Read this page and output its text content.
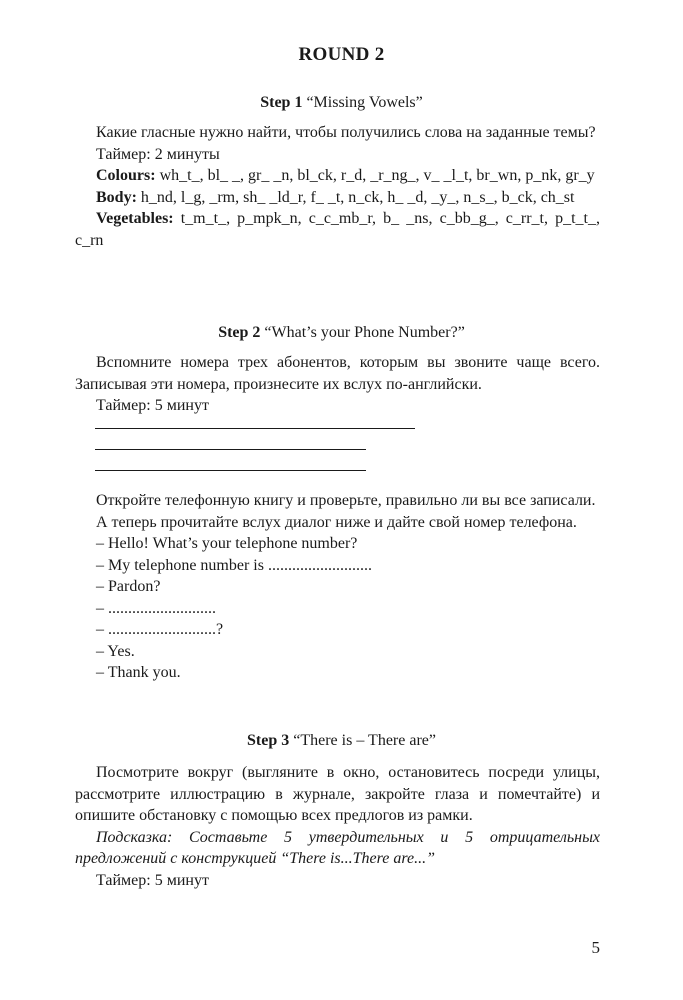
ROUND 2
Step 1 “Missing Vowels”
Какие гласные нужно найти, чтобы получились слова на заданные темы?
Таймер: 2 минуты
Colours: wh_t_, bl_ _, gr_ _n, bl_ck, r_d, _r_ng_, v_ _l_t, br_wn, p_nk, gr_y
Body: h_nd, l_g, _rm, sh_ _ld_r, f_ _t, n_ck, h_ _d, _y_, n_s_, b_ck, ch_st
Vegetables: t_m_t_, p_mpk_n, c_c_mb_r, b_ _ns, c_bb_g_, c_rr_t, p_t_t_, c_rn
Step 2 “What’s your Phone Number?”
Вспомните номера трех абонентов, которым вы звоните чаще всего. Записывая эти номера, произнесите их вслух по-английски.
Таймер: 5 минут
Откройте телефонную книгу и проверьте, правильно ли вы все записали.
А теперь прочитайте вслух диалог ниже и дайте свой номер телефона.
– Hello! What’s your telephone number?
– My telephone number is ..........................
– Pardon?
– ...........................
– ...........................?
– Yes.
– Thank you.
Step 3 “There is – There are”
Посмотрите вокруг (выгляните в окно, остановитесь посреди улицы, рассмотрите иллюстрацию в журнале, закройте глаза и помечтайте) и опишите обстановку с помощью всех предлогов из рамки.
Подсказка: Составьте 5 утвердительных и 5 отрицательных предложений с конструкцией “There is...There are...”
Таймер: 5 минут
5
